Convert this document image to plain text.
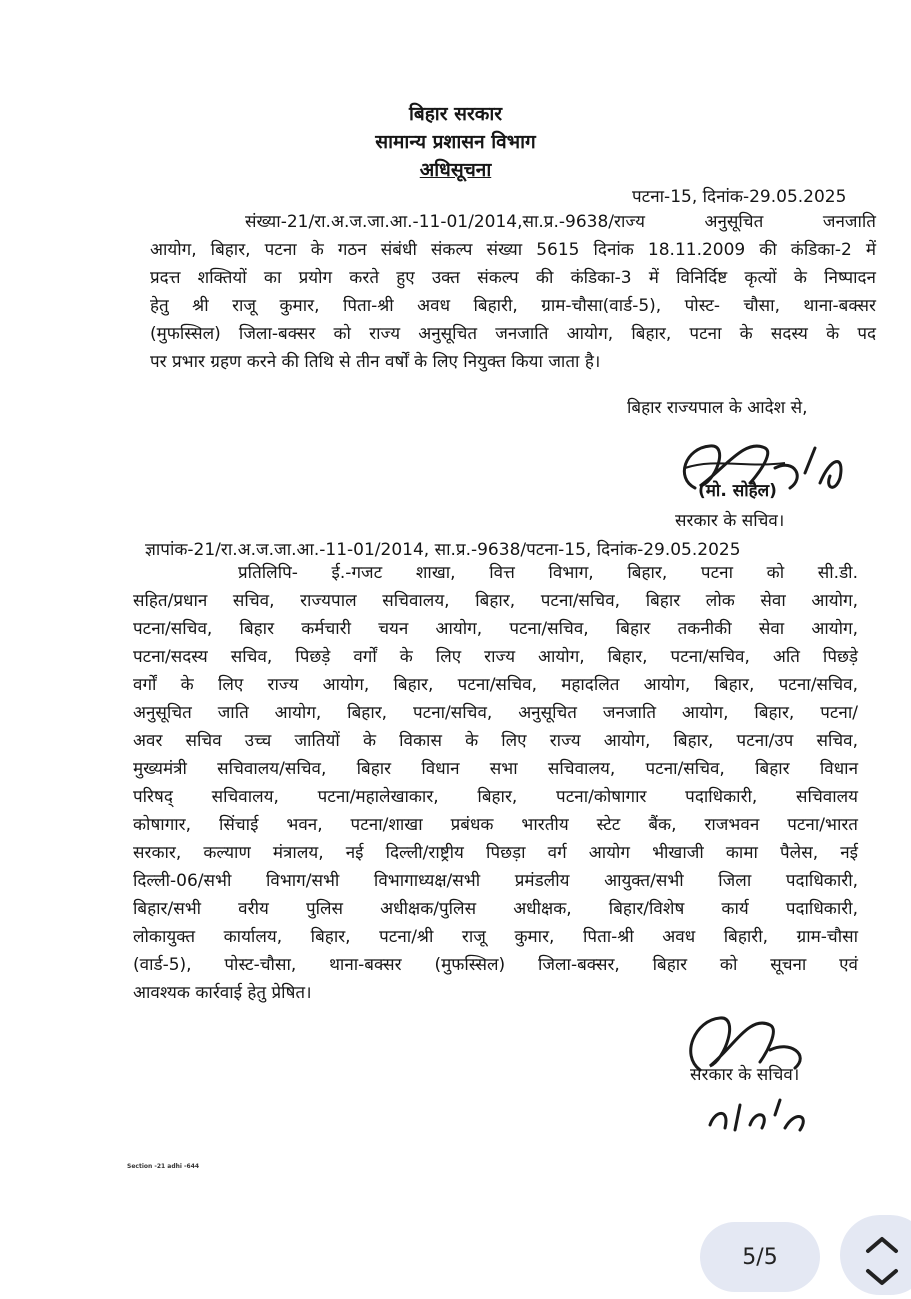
बिहार सरकार
सामान्य प्रशासन विभाग
अधिसूचना
पटना-15, दिनांक-29.05.2025
संख्या-21/रा.अ.ज.जा.आ.-11-01/2014,सा.प्र.-9638/राज्य अनुसूचित जनजाति
आयोग, बिहार, पटना के गठन संबंधी संकल्प संख्या 5615 दिनांक 18.11.2009 की कंडिका-2 में
प्रदत्त शक्तियों का प्रयोग करते हुए उक्त संकल्प की कंडिका-3 में विनिर्दिष्ट कृत्यों के निष्पादन
हेतु श्री राजू कुमार, पिता-श्री अवध बिहारी, ग्राम-चौसा(वार्ड-5), पोस्ट- चौसा, थाना-बक्सर
(मुफस्सिल) जिला-बक्सर को राज्य अनुसूचित जनजाति आयोग, बिहार, पटना के सदस्य के पद
पर प्रभार ग्रहण करने की तिथि से तीन वर्षों के लिए नियुक्त किया जाता है।
बिहार राज्यपाल के आदेश से,
(मो. सोहैल)
सरकार के सचिव।
ज्ञापांक-21/रा.अ.ज.जा.आ.-11-01/2014, सा.प्र.-9638/पटना-15, दिनांक-29.05.2025
प्रतिलिपि- ई.-गजट शाखा, वित्त विभाग, बिहार, पटना को सी.डी.
सहित/प्रधान सचिव, राज्यपाल सचिवालय, बिहार, पटना/सचिव, बिहार लोक सेवा आयोग,
पटना/सचिव, बिहार कर्मचारी चयन आयोग, पटना/सचिव, बिहार तकनीकी सेवा आयोग,
पटना/सदस्य सचिव, पिछड़े वर्गों के लिए राज्य आयोग, बिहार, पटना/सचिव, अति पिछड़े
वर्गों के लिए राज्य आयोग, बिहार, पटना/सचिव, महादलित आयोग, बिहार, पटना/सचिव,
अनुसूचित जाति आयोग, बिहार, पटना/सचिव, अनुसूचित जनजाति आयोग, बिहार, पटना/
अवर सचिव उच्च जातियों के विकास के लिए राज्य आयोग, बिहार, पटना/उप सचिव,
मुख्यमंत्री सचिवालय/सचिव, बिहार विधान सभा सचिवालय, पटना/सचिव, बिहार विधान
परिषद् सचिवालय, पटना/महालेखाकार, बिहार, पटना/कोषागार पदाधिकारी, सचिवालय
कोषागार, सिंचाई भवन, पटना/शाखा प्रबंधक भारतीय स्टेट बैंक, राजभवन पटना/भारत
सरकार, कल्याण मंत्रालय, नई दिल्ली/राष्ट्रीय पिछड़ा वर्ग आयोग भीखाजी कामा पैलेस, नई
दिल्ली-06/सभी विभाग/सभी विभागाध्यक्ष/सभी प्रमंडलीय आयुक्त/सभी जिला पदाधिकारी,
बिहार/सभी वरीय पुलिस अधीक्षक/पुलिस अधीक्षक, बिहार/विशेष कार्य पदाधिकारी,
लोकायुक्त कार्यालय, बिहार, पटना/श्री राजू कुमार, पिता-श्री अवध बिहारी, ग्राम-चौसा
(वार्ड-5), पोस्ट-चौसा, थाना-बक्सर (मुफस्सिल) जिला-बक्सर, बिहार को सूचना एवं
आवश्यक कार्रवाई हेतु प्रेषित।
सरकार के सचिव।
Section -21 adhi -644
5/5
